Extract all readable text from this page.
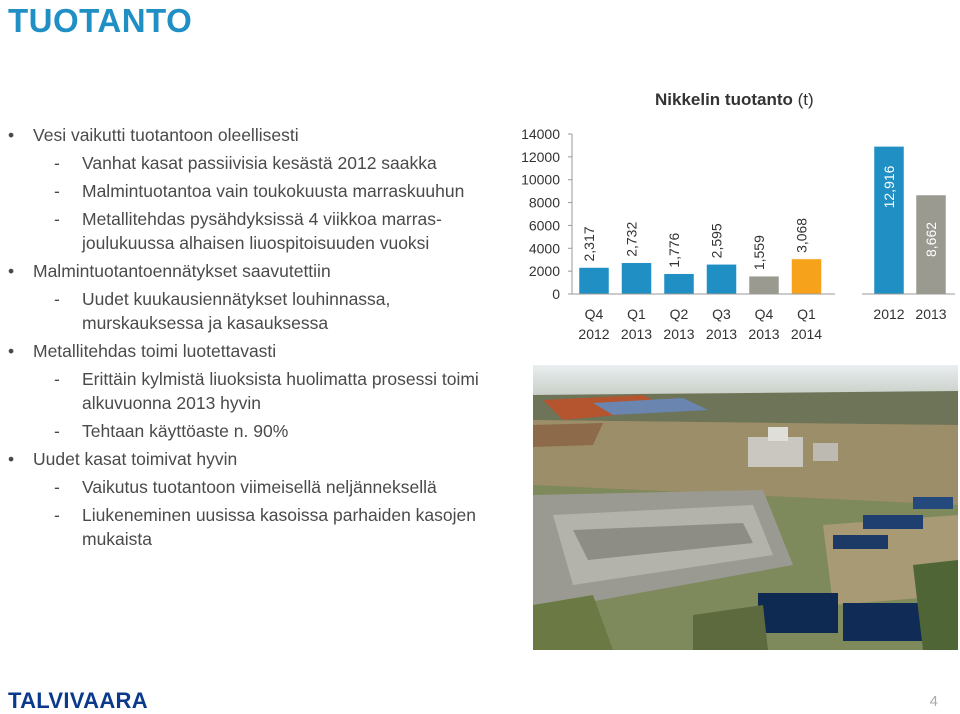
TUOTANTO
• Vesi vaikutti tuotantoon oleellisesti
- Vanhat kasat passiivisia kesästä 2012 saakka
- Malmintuotantoa vain toukokuusta marraskuuhun
- Metallitehdas pysähdyksissä 4 viikkoa marras-joulukuussa alhaisen liuospitoisuuden vuoksi
• Malmintuotantoennätykset saavutettiin
- Uudet kuukausiennätykset louhinnassa, murskauksessa ja kasauksessa
• Metallitehdas toimi luotettavasti
- Erittäin kylmistä liuoksista huolimatta prosessi toimi alkuvuonna 2013 hyvin
- Tehtaan käyttöaste n. 90%
• Uudet kasat toimivat hyvin
- Vaikutus tuotantoon viimeisellä neljänneksellä
- Liukeneminen uusissa kasoissa parhaiden kasojen mukaista
Nikkelin tuotanto (t)
14000
12000
10000
8000
6000
4000
2000
0
2,317
Q4
2012
2,732
Q1
2013
1,776
Q2
2013
2,595
Q3
2013
1,559
Q4
2013
3,068
Q1
2014
12,916
2012
8,662
2013
TALVIVAARA	4
